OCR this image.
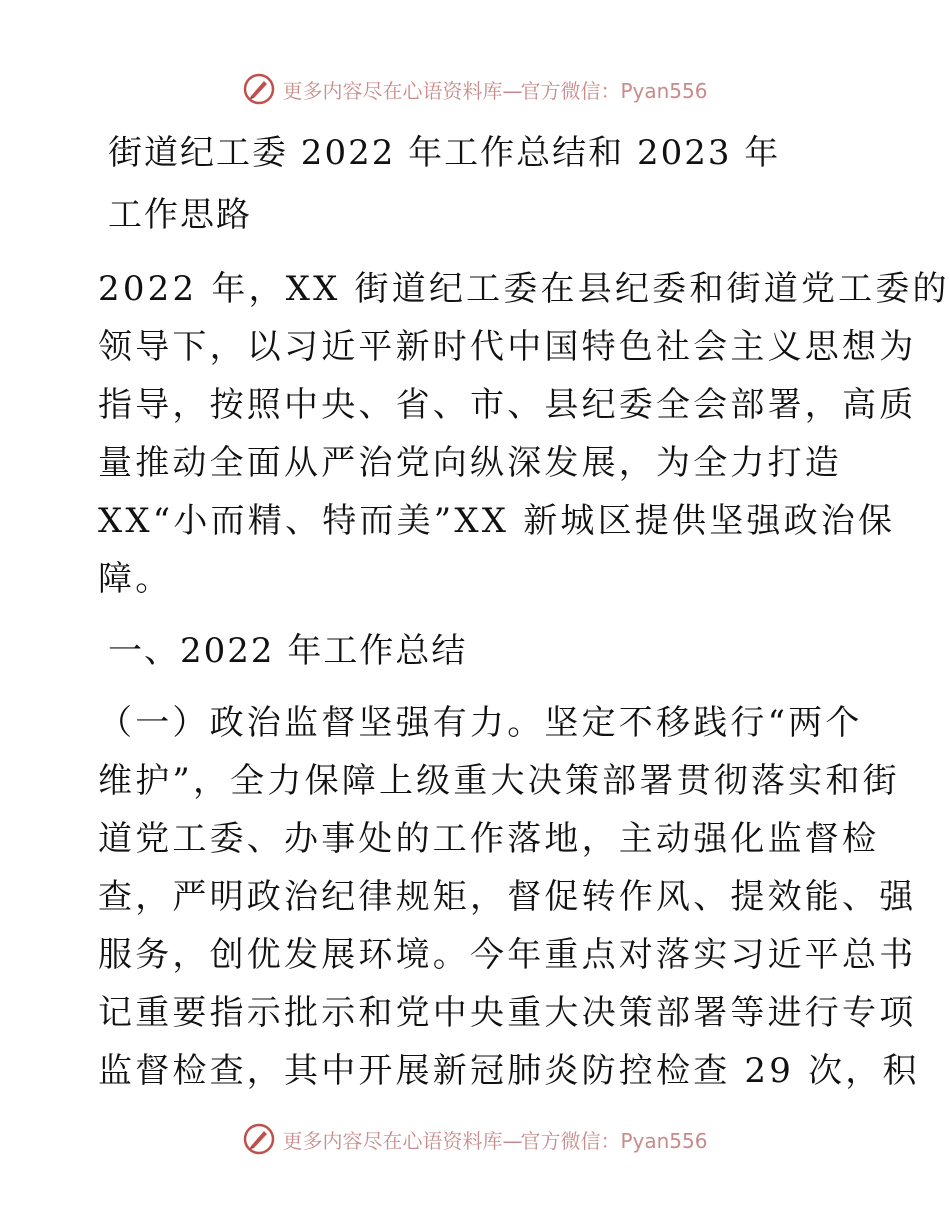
更多内容尽在心语资料库—官方微信：Pyan556
街道纪工委 2022 年工作总结和 2023 年
工作思路
2022 年，XX 街道纪工委在县纪委和街道党工委的
领导下，以习近平新时代中国特色社会主义思想为
指导，按照中央、省、市、县纪委全会部署，高质
量推动全面从严治党向纵深发展，为全力打造
XX“小而精、特而美”XX 新城区提供坚强政治保
障。
一、2022 年工作总结
（一）政治监督坚强有力。坚定不移践行“两个
维护”，全力保障上级重大决策部署贯彻落实和街
道党工委、办事处的工作落地，主动强化监督检
查，严明政治纪律规矩，督促转作风、提效能、强
服务，创优发展环境。今年重点对落实习近平总书
记重要指示批示和党中央重大决策部署等进行专项
监督检查，其中开展新冠肺炎防控检查 29 次，积
更多内容尽在心语资料库—官方微信：Pyan556
